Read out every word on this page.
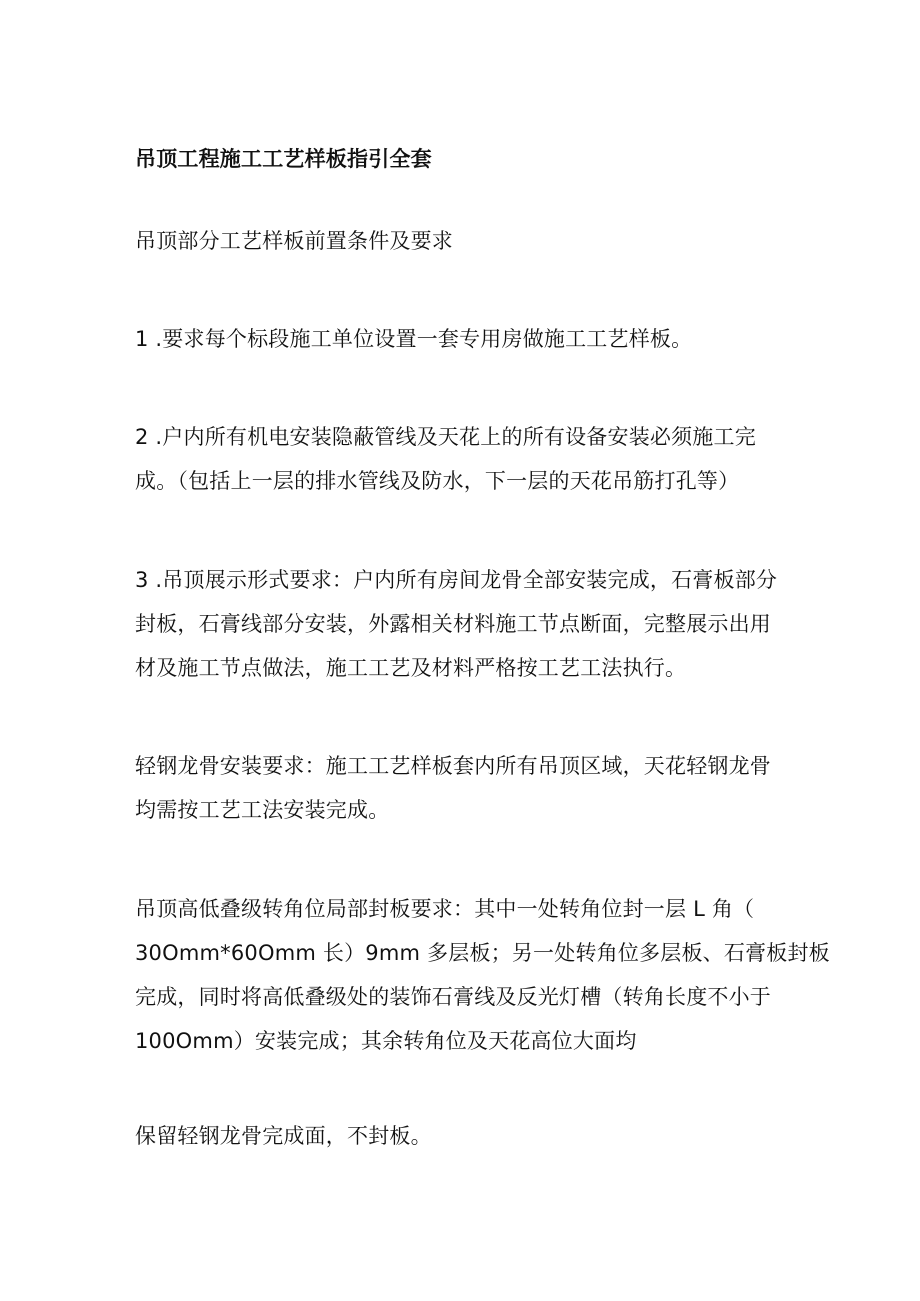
吊顶工程施工工艺样板指引全套
吊顶部分工艺样板前置条件及要求
1 .要求每个标段施工单位设置一套专用房做施工工艺样板。
2 .户内所有机电安装隐蔽管线及天花上的所有设备安装必须施工完
成。（包括上一层的排水管线及防水，下一层的天花吊筋打孔等）
3 .吊顶展示形式要求：户内所有房间龙骨全部安装完成，石膏板部分
封板，石膏线部分安装，外露相关材料施工节点断面，完整展示出用
材及施工节点做法，施工工艺及材料严格按工艺工法执行。
轻钢龙骨安装要求：施工工艺样板套内所有吊顶区域，天花轻钢龙骨
均需按工艺工法安装完成。
吊顶高低叠级转角位局部封板要求：其中一处转角位封一层 L 角（
30Omm*60Omm 长）9mm 多层板；另一处转角位多层板、石膏板封板
完成，同时将高低叠级处的装饰石膏线及反光灯槽（转角长度不小于
100Omm）安装完成；其余转角位及天花高位大面均
保留轻钢龙骨完成面，不封板。
